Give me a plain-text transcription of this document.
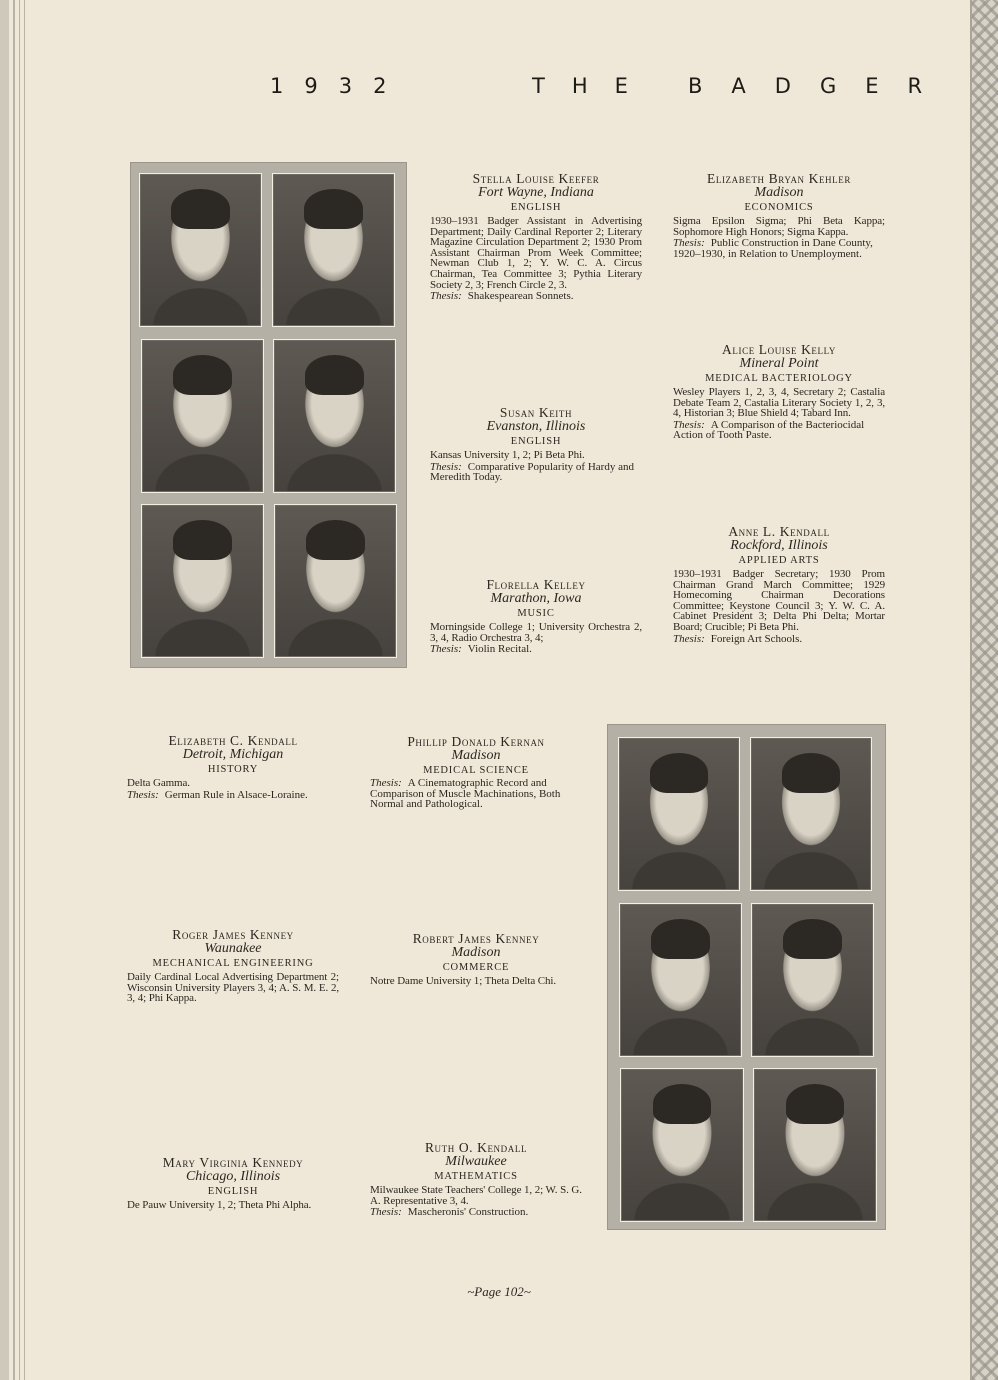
1932	THE BADGER
Stella Louise Keefer
Fort Wayne, Indiana
ENGLISH
1930–1931 Badger Assistant in Advertising Department; Daily Cardinal Reporter 2; Literary Magazine Circulation Department 2; 1930 Prom Assistant Chairman Prom Week Committee; Newman Club 1, 2; Y. W. C. A. Circus Chairman, Tea Committee 3; Pythia Literary Society 2, 3; French Circle 2, 3.
Thesis: Shakespearean Sonnets.
Elizabeth Bryan Kehler
Madison
ECONOMICS
Sigma Epsilon Sigma; Phi Beta Kappa; Sophomore High Honors; Sigma Kappa.
Thesis: Public Construction in Dane County, 1920–1930, in Relation to Unemployment.
Alice Louise Kelly
Mineral Point
MEDICAL BACTERIOLOGY
Wesley Players 1, 2, 3, 4, Secretary 2; Castalia Debate Team 2, Castalia Literary Society 1, 2, 3, 4, Historian 3; Blue Shield 4; Tabard Inn.
Thesis: A Comparison of the Bacteriocidal Action of Tooth Paste.
Susan Keith
Evanston, Illinois
ENGLISH
Kansas University 1, 2; Pi Beta Phi.
Thesis: Comparative Popularity of Hardy and Meredith Today.
Florella Kelley
Marathon, Iowa
MUSIC
Morningside College 1; University Orchestra 2, 3, 4, Radio Orchestra 3, 4;
Thesis: Violin Recital.
Anne L. Kendall
Rockford, Illinois
APPLIED ARTS
1930–1931 Badger Secretary; 1930 Prom Chairman Grand March Committee; 1929 Homecoming Chairman Decorations Committee; Keystone Council 3; Y. W. C. A. Cabinet President 3; Delta Phi Delta; Mortar Board; Crucible; Pi Beta Phi.
Thesis: Foreign Art Schools.
Elizabeth C. Kendall
Detroit, Michigan
HISTORY
Delta Gamma.
Thesis: German Rule in Alsace-Loraine.
Phillip Donald Kernan
Madison
MEDICAL SCIENCE
Thesis: A Cinematographic Record and Comparison of Muscle Machinations, Both Normal and Pathological.
Roger James Kenney
Waunakee
MECHANICAL ENGINEERING
Daily Cardinal Local Advertising Department 2; Wisconsin University Players 3, 4; A. S. M. E. 2, 3, 4; Phi Kappa.
Robert James Kenney
Madison
COMMERCE
Notre Dame University 1; Theta Delta Chi.
Mary Virginia Kennedy
Chicago, Illinois
ENGLISH
De Pauw University 1, 2; Theta Phi Alpha.
Ruth O. Kendall
Milwaukee
MATHEMATICS
Milwaukee State Teachers' College 1, 2; W. S. G. A. Representative 3, 4.
Thesis: Mascheronis' Construction.
~Page 102~
